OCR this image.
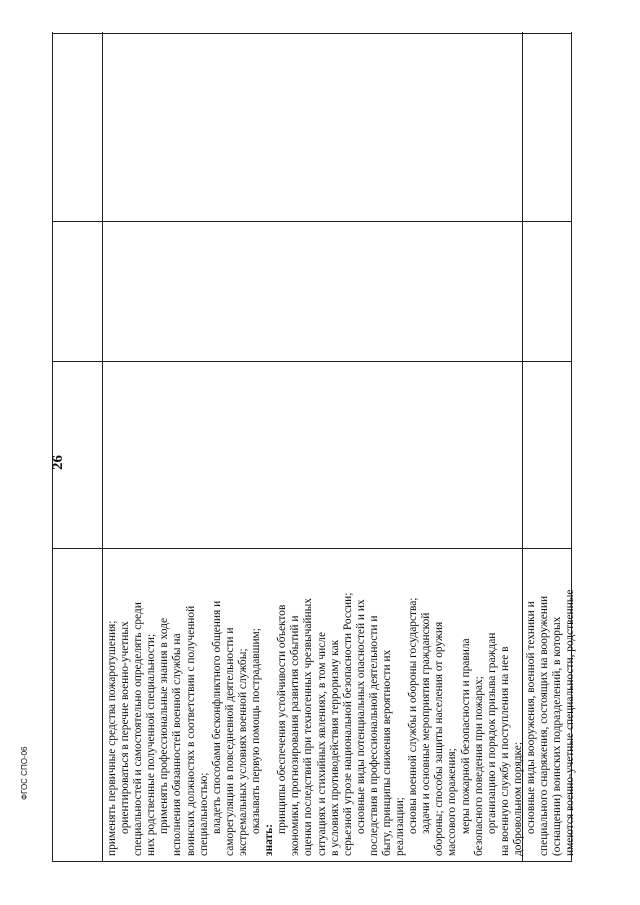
применять первичные средства пожаротушения; ориентироваться в перечне военно-учетных специальностей и самостоятельно определять среди них родственные полученной специальности; применять профессиональные знания в ходе исполнения обязанностей военной службы на воинских должностях в соответствии с полученной специальностью; владеть способами бесконфликтного общения и саморегуляции в повседневной деятельности и экстремальных условиях военной службы; оказывать первую помощь пострадавшим;
знать:
принципы обеспечения устойчивости объектов экономики, прогнозирования развития событий и оценки последствий при техногенных чрезвычайных ситуациях и стихийных явлениях, в том числе в условиях противодействия терроризму как серьезной угрозе национальной безопасности России; основные виды потенциальных опасностей и их последствия в профессиональной деятельности и быту, принципы снижения вероятности их реализации; основы военной службы и обороны государства; задачи и основные мероприятия гражданской обороны; способы защиты населения от оружия массового поражения; меры пожарной безопасности и правила безопасного поведения при пожарах; организацию и порядок призыва граждан на военную службу и поступления на нее в добровольном порядке; основные виды вооружения, военной техники и специального снаряжения, состоящих на вооружении (оснащении) воинских подразделений, в которых имеются военно-учетные специальности, родственные
26
ФГОС СПО-06
